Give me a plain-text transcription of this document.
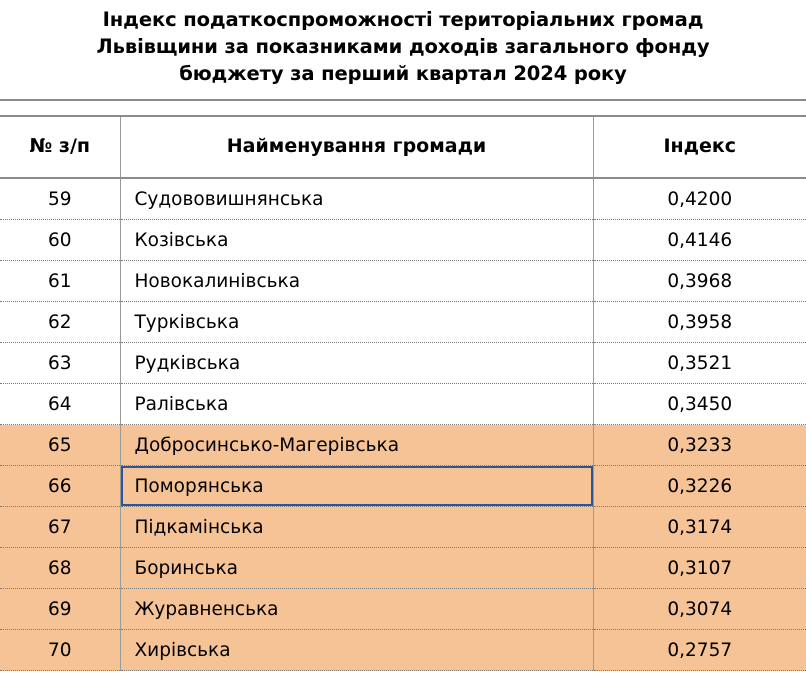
Індекс податкоспроможності територіальних громад
Львівщини за показниками доходів загального фонду
бюджету за перший квартал 2024 року

№ з/п	Найменування громади	Індекс
59	Судововишнянська	0,4200
60	Козівська	0,4146
61	Новокалинівська	0,3968
62	Турківська	0,3958
63	Рудківська	0,3521
64	Ралівська	0,3450
65	Добросинсько-Магерівська	0,3233
66	Поморянська	0,3226
67	Підкамінська	0,3174
68	Боринська	0,3107
69	Журавненська	0,3074
70	Хирівська	0,2757
